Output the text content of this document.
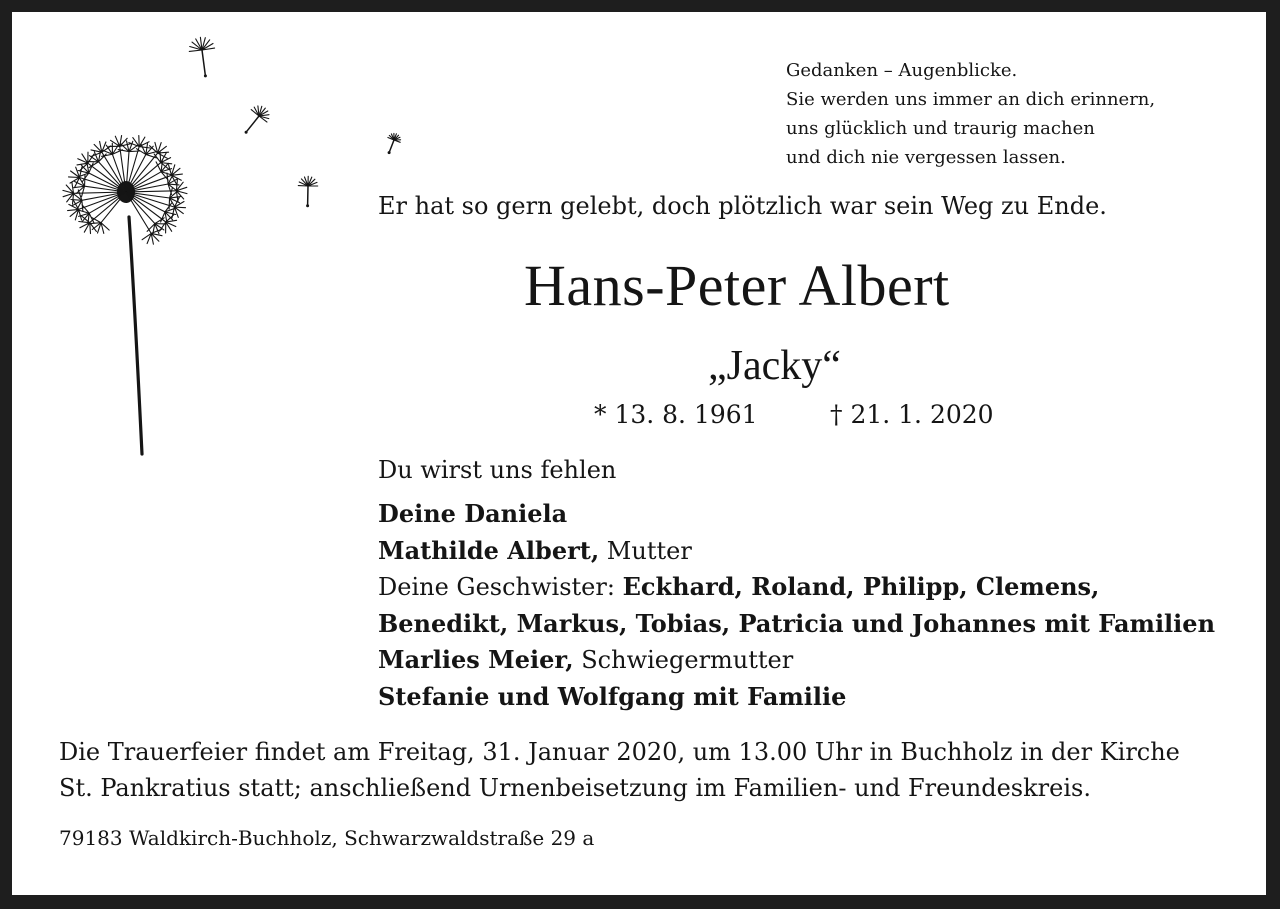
Gedanken – Augenblicke.
Sie werden uns immer an dich erinnern,
uns glücklich und traurig machen
und dich nie vergessen lassen.
Er hat so gern gelebt, doch plötzlich war sein Weg zu Ende.
Hans-Peter Albert
„Jacky“
* 13. 8. 1961	† 21. 1. 2020
Du wirst uns fehlen
Deine Daniela
Mathilde Albert, Mutter
Deine Geschwister: Eckhard, Roland, Philipp, Clemens,
Benedikt, Markus, Tobias, Patricia und Johannes mit Familien
Marlies Meier, Schwiegermutter
Stefanie und Wolfgang mit Familie
Die Trauerfeier findet am Freitag, 31. Januar 2020, um 13.00 Uhr in Buchholz in der Kirche
St. Pankratius statt; anschließend Urnenbeisetzung im Familien- und Freundeskreis.
79183 Waldkirch-Buchholz, Schwarzwaldstraße 29 a
